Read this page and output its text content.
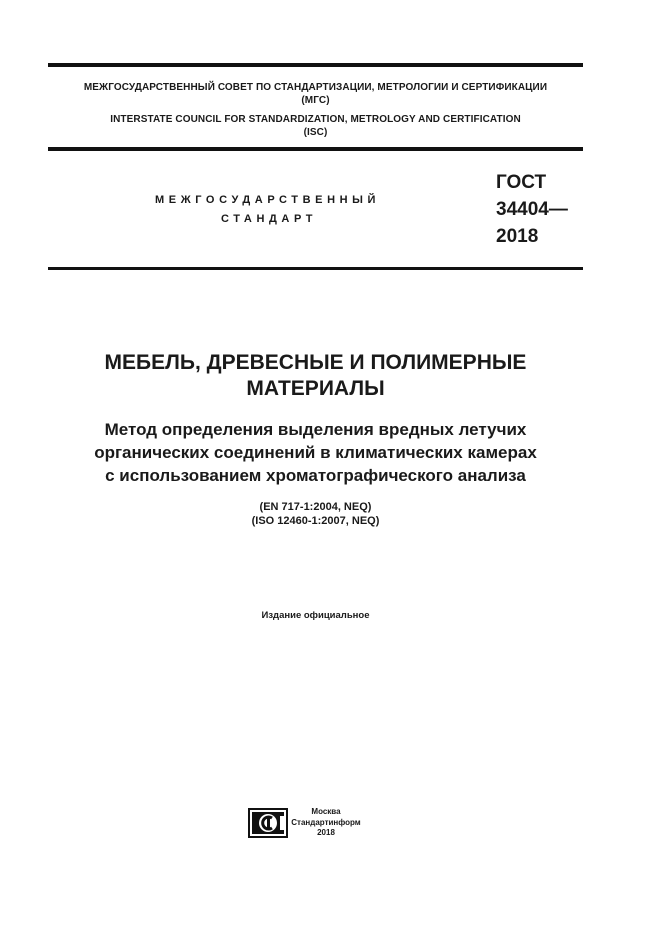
МЕЖГОСУДАРСТВЕННЫЙ СОВЕТ ПО СТАНДАРТИЗАЦИИ, МЕТРОЛОГИИ И СЕРТИФИКАЦИИ
(МГС)
INTERSTATE COUNCIL FOR STANDARDIZATION, METROLOGY AND CERTIFICATION
(ISC)
МЕЖГОСУДАРСТВЕННЫЙ
СТАНДАРТ
ГОСТ
34404—
2018
МЕБЕЛЬ, ДРЕВЕСНЫЕ И ПОЛИМЕРНЫЕ
МАТЕРИАЛЫ
Метод определения выделения вредных летучих
органических соединений в климатических камерах
с использованием хроматографического анализа
(EN 717-1:2004, NEQ)
(ISO 12460-1:2007, NEQ)
Издание официальное
Москва
Стандартинформ
2018
